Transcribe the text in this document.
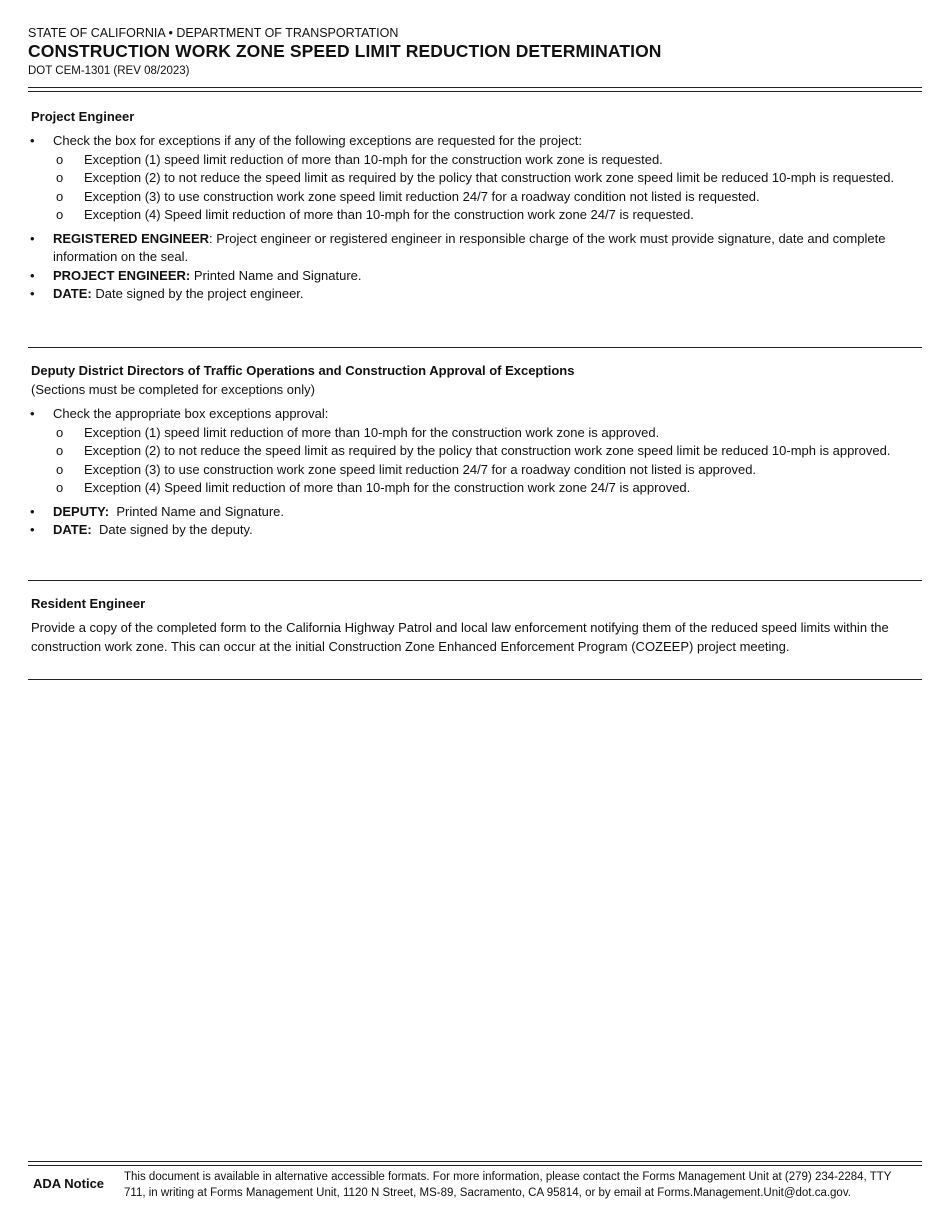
STATE OF CALIFORNIA • DEPARTMENT OF TRANSPORTATION
CONSTRUCTION WORK ZONE SPEED LIMIT REDUCTION DETERMINATION
DOT CEM-1301 (REV 08/2023)
Project Engineer
• Check the box for exceptions if any of the following exceptions are requested for the project:
o Exception (1) speed limit reduction of more than 10-mph for the construction work zone is requested.
o Exception (2) to not reduce the speed limit as required by the policy that construction work zone speed limit be reduced 10-mph is requested.
o Exception (3) to use construction work zone speed limit reduction 24/7 for a roadway condition not listed is requested.
o Exception (4) Speed limit reduction of more than 10-mph for the construction work zone 24/7 is requested.
• REGISTERED ENGINEER: Project engineer or registered engineer in responsible charge of the work must provide signature, date and complete information on the seal.
• PROJECT ENGINEER: Printed Name and Signature.
• DATE: Date signed by the project engineer.
Deputy District Directors of Traffic Operations and Construction Approval of Exceptions
(Sections must be completed for exceptions only)
• Check the appropriate box exceptions approval:
o Exception (1) speed limit reduction of more than 10-mph for the construction work zone is approved.
o Exception (2) to not reduce the speed limit as required by the policy that construction work zone speed limit be reduced 10-mph is approved.
o Exception (3) to use construction work zone speed limit reduction 24/7 for a roadway condition not listed is approved.
o Exception (4) Speed limit reduction of more than 10-mph for the construction work zone 24/7 is approved.
• DEPUTY:  Printed Name and Signature.
• DATE:  Date signed by the deputy.
Resident Engineer
Provide a copy of the completed form to the California Highway Patrol and local law enforcement notifying them of the reduced speed limits within the construction work zone. This can occur at the initial Construction Zone Enhanced Enforcement Program (COZEEP) project meeting.
ADA Notice This document is available in alternative accessible formats. For more information, please contact the Forms Management Unit at (279) 234-2284, TTY 711, in writing at Forms Management Unit, 1120 N Street, MS-89, Sacramento, CA 95814, or by email at Forms.Management.Unit@dot.ca.gov.
